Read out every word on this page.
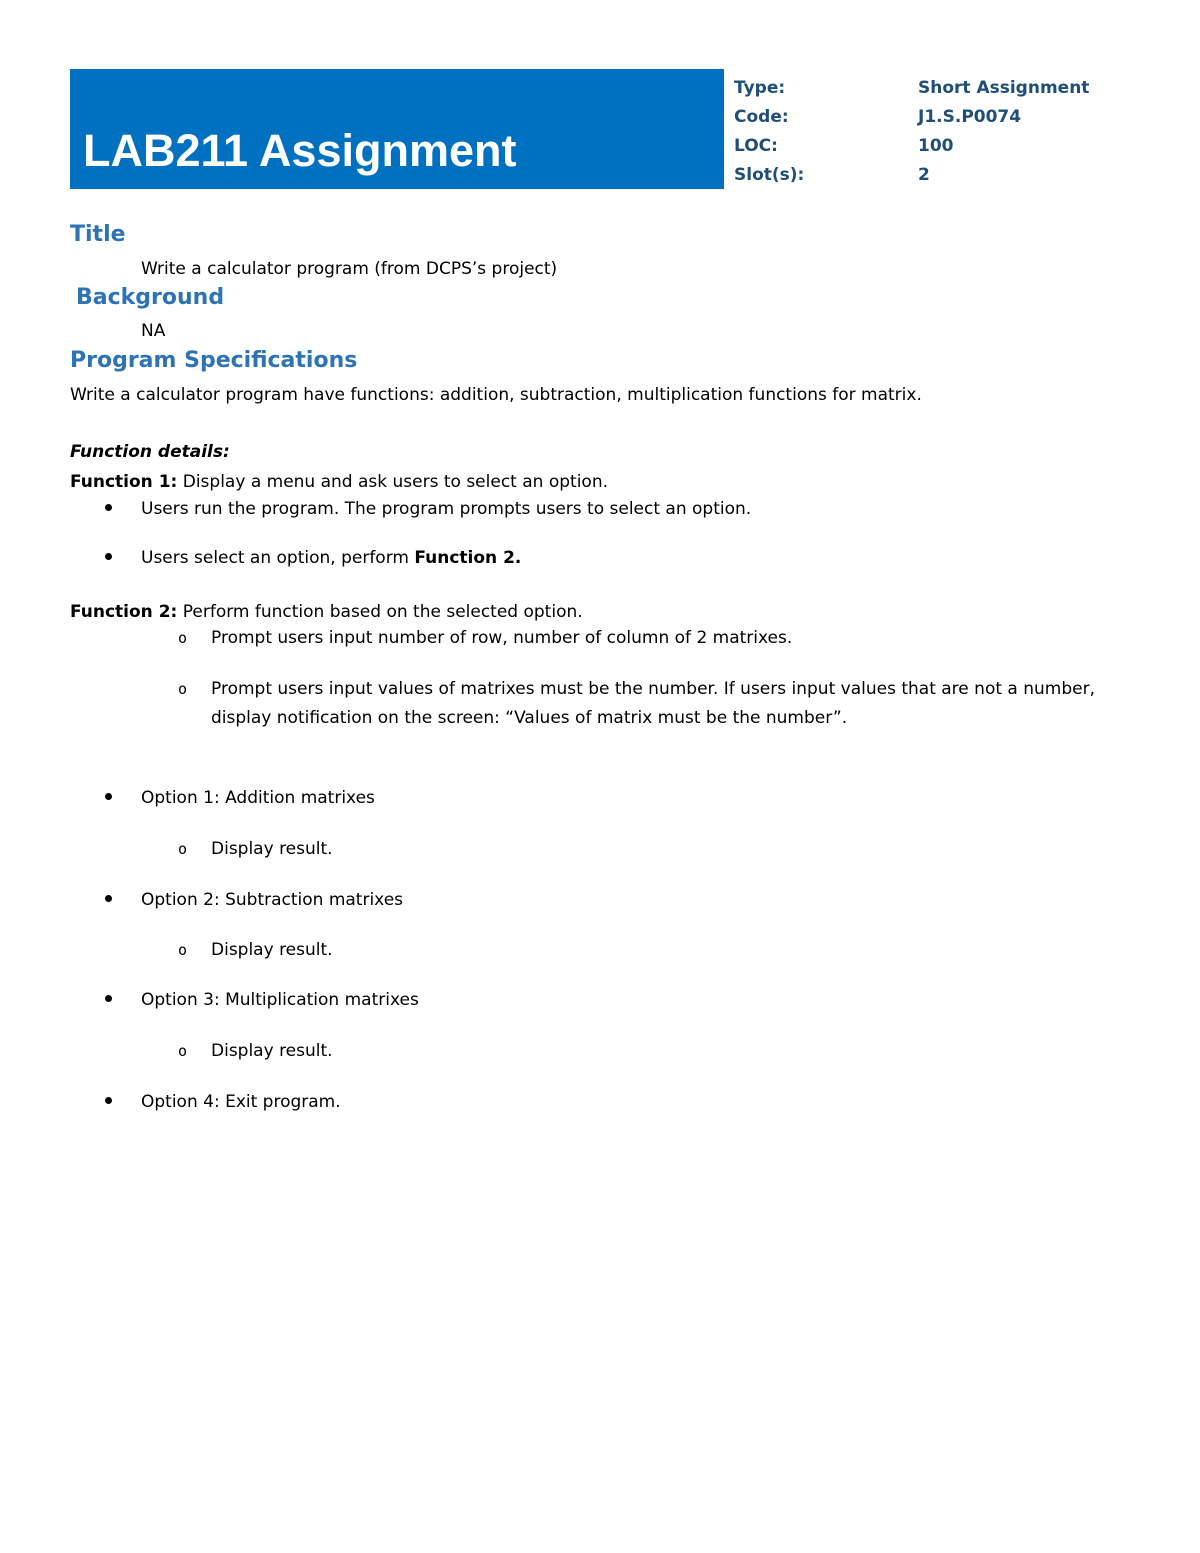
LAB211 Assignment
Type:	Short Assignment
Code:	J1.S.P0074
LOC:	100
Slot(s):	2
Title
Write a calculator program (from DCPS’s project)
Background
NA
Program Specifications
Write a calculator program have functions: addition, subtraction, multiplication functions for matrix.
Function details:
Function 1: Display a menu and ask users to select an option.
Users run the program. The program prompts users to select an option.
Users select an option, perform Function 2.
Function 2: Perform function based on the selected option.
o Prompt users input number of row, number of column of 2 matrixes.
o Prompt users input values of matrixes must be the number. If users input values that are not a number,
display notification on the screen: “Values of matrix must be the number”.
Option 1: Addition matrixes
o Display result.
Option 2: Subtraction matrixes
o Display result.
Option 3: Multiplication matrixes
o Display result.
Option 4: Exit program.
